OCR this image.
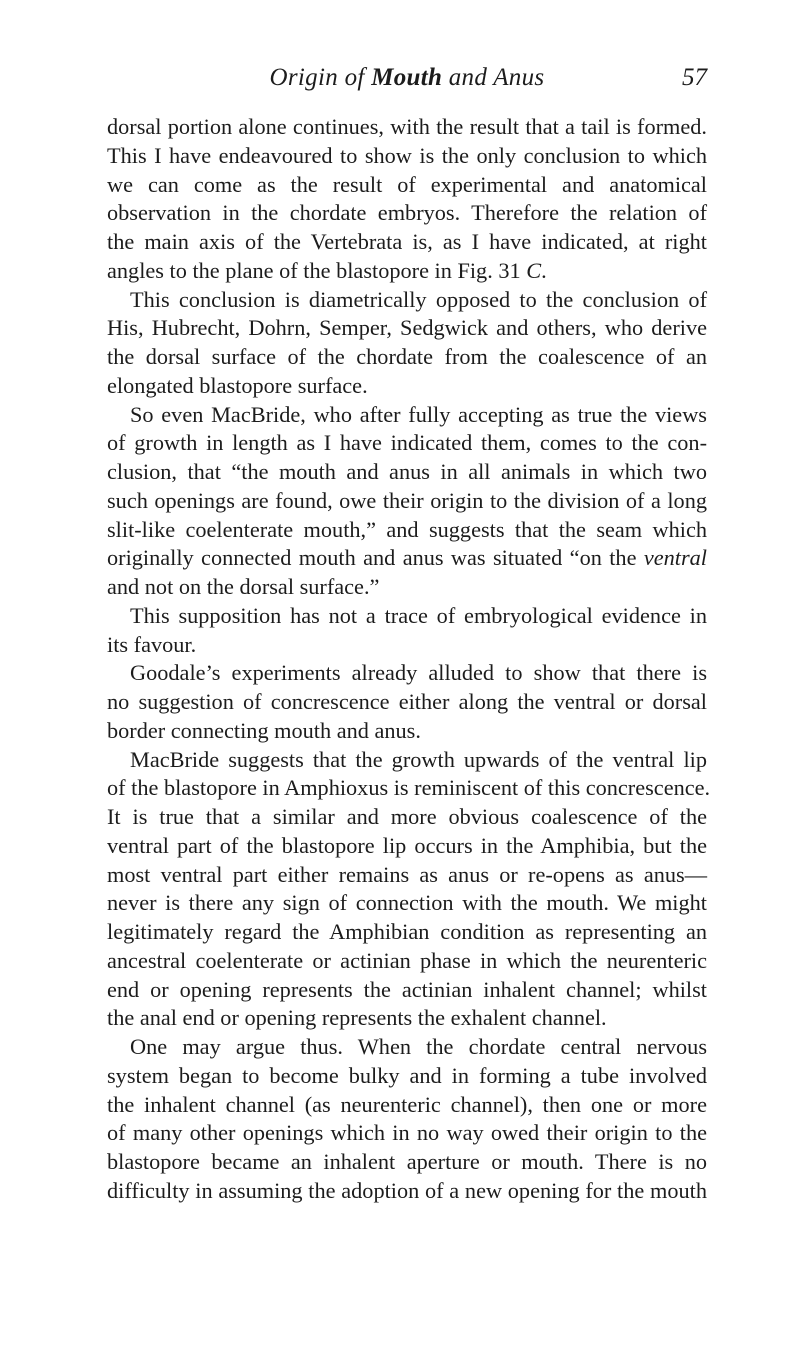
Origin of Mouth and Anus	57
dorsal portion alone continues, with the result that a tail is formed.
This I have endeavoured to show is the only conclusion to which
we can come as the result of experimental and anatomical
observation in the chordate embryos. Therefore the relation of
the main axis of the Vertebrata is, as I have indicated, at right
angles to the plane of the blastopore in Fig. 31 C.
This conclusion is diametrically opposed to the conclusion of
His, Hubrecht, Dohrn, Semper, Sedgwick and others, who derive
the dorsal surface of the chordate from the coalescence of an
elongated blastopore surface.
So even MacBride, who after fully accepting as true the views
of growth in length as I have indicated them, comes to the con-
clusion, that “the mouth and anus in all animals in which two
such openings are found, owe their origin to the division of a long
slit-like coelenterate mouth,” and suggests that the seam which
originally connected mouth and anus was situated “on the ventral
and not on the dorsal surface.”
This supposition has not a trace of embryological evidence in
its favour.
Goodale’s experiments already alluded to show that there is
no suggestion of concrescence either along the ventral or dorsal
border connecting mouth and anus.
MacBride suggests that the growth upwards of the ventral lip
of the blastopore in Amphioxus is reminiscent of this concrescence.
It is true that a similar and more obvious coalescence of the
ventral part of the blastopore lip occurs in the Amphibia, but the
most ventral part either remains as anus or re-opens as anus—
never is there any sign of connection with the mouth. We might
legitimately regard the Amphibian condition as representing an
ancestral coelenterate or actinian phase in which the neurenteric
end or opening represents the actinian inhalent channel; whilst
the anal end or opening represents the exhalent channel.
One may argue thus. When the chordate central nervous
system began to become bulky and in forming a tube involved
the inhalent channel (as neurenteric channel), then one or more
of many other openings which in no way owed their origin to the
blastopore became an inhalent aperture or mouth. There is no
difficulty in assuming the adoption of a new opening for the mouth
